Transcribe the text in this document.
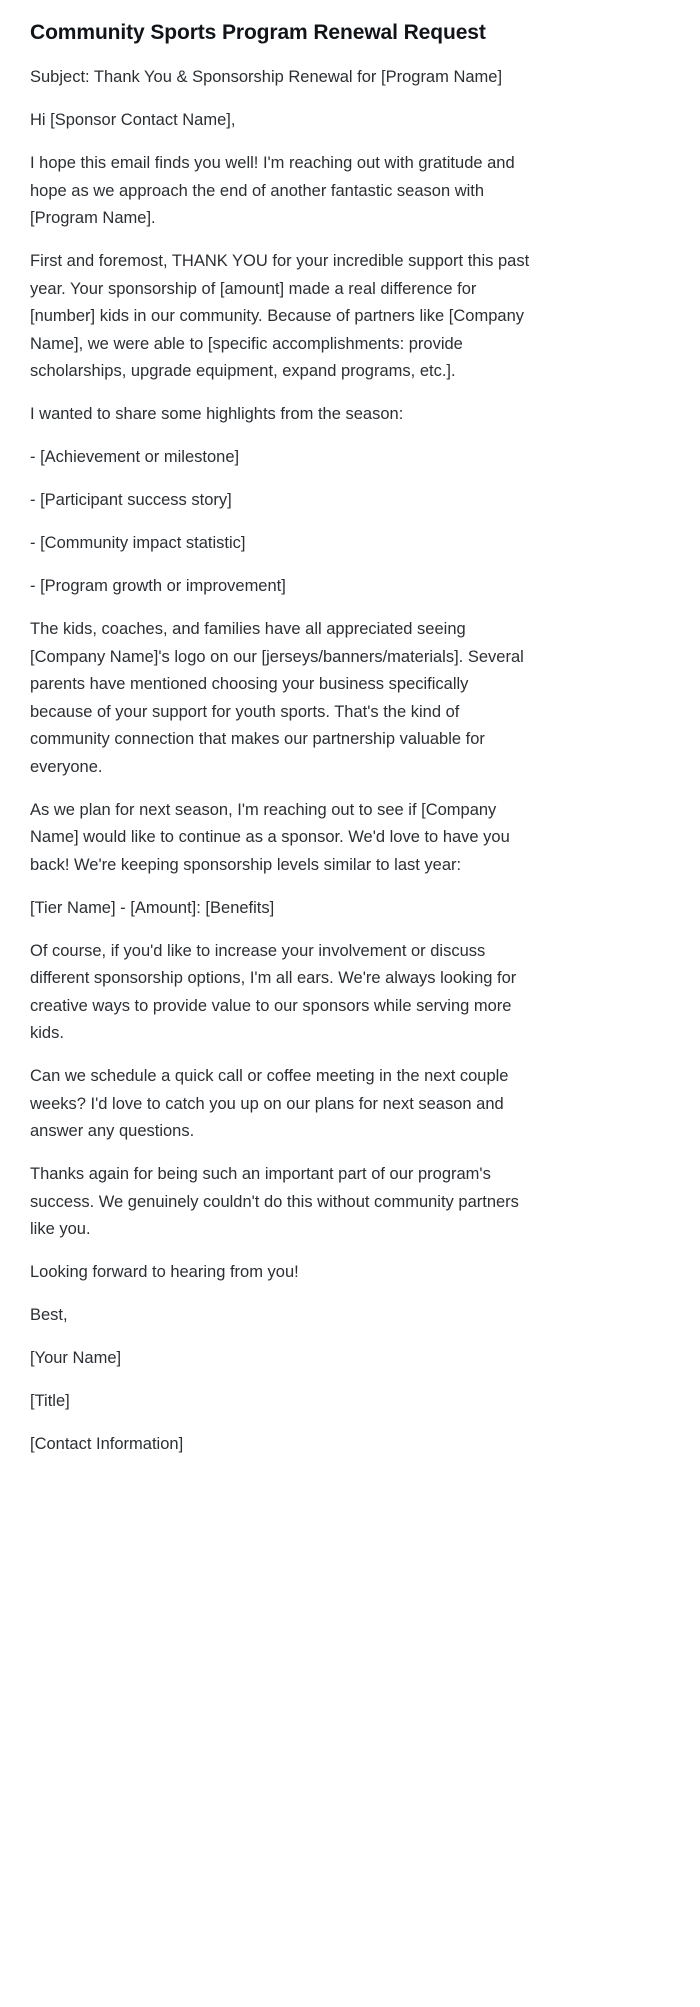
Community Sports Program Renewal Request

Subject: Thank You & Sponsorship Renewal for [Program Name]

Hi [Sponsor Contact Name],

I hope this email finds you well! I'm reaching out with gratitude and hope as we approach the end of another fantastic season with [Program Name].

First and foremost, THANK YOU for your incredible support this past year. Your sponsorship of [amount] made a real difference for [number] kids in our community. Because of partners like [Company Name], we were able to [specific accomplishments: provide scholarships, upgrade equipment, expand programs, etc.].

I wanted to share some highlights from the season:

- [Achievement or milestone]
- [Participant success story]
- [Community impact statistic]
- [Program growth or improvement]

The kids, coaches, and families have all appreciated seeing [Company Name]'s logo on our [jerseys/banners/materials]. Several parents have mentioned choosing your business specifically because of your support for youth sports. That's the kind of community connection that makes our partnership valuable for everyone.

As we plan for next season, I'm reaching out to see if [Company Name] would like to continue as a sponsor. We'd love to have you back! We're keeping sponsorship levels similar to last year:

[Tier Name] - [Amount]: [Benefits]

Of course, if you'd like to increase your involvement or discuss different sponsorship options, I'm all ears. We're always looking for creative ways to provide value to our sponsors while serving more kids.

Can we schedule a quick call or coffee meeting in the next couple weeks? I'd love to catch you up on our plans for next season and answer any questions.

Thanks again for being such an important part of our program's success. We genuinely couldn't do this without community partners like you.

Looking forward to hearing from you!

Best,

[Your Name]

[Title]

[Contact Information]
